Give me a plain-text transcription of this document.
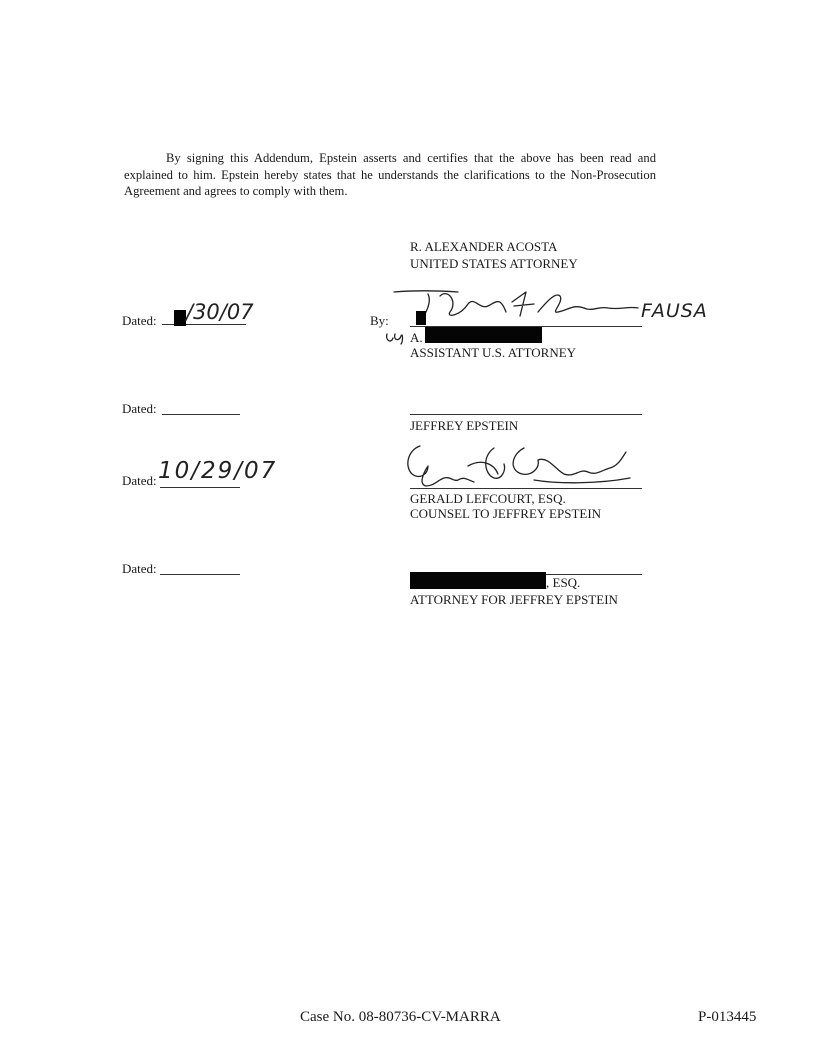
By signing this Addendum, Epstein asserts and certifies that the above has been read and explained to him. Epstein hereby states that he understands the clarifications to the Non-Prosecution Agreement and agrees to comply with them.
R. ALEXANDER ACOSTA
UNITED STATES ATTORNEY
Dated: /30/07	By:	FAUSA
A.
ASSISTANT U.S. ATTORNEY
Dated:
JEFFREY EPSTEIN
Dated: 10/29/07
GERALD LEFCOURT, ESQ.
COUNSEL TO JEFFREY EPSTEIN
Dated:
, ESQ.
ATTORNEY FOR JEFFREY EPSTEIN
Case No. 08-80736-CV-MARRA	P-013445
